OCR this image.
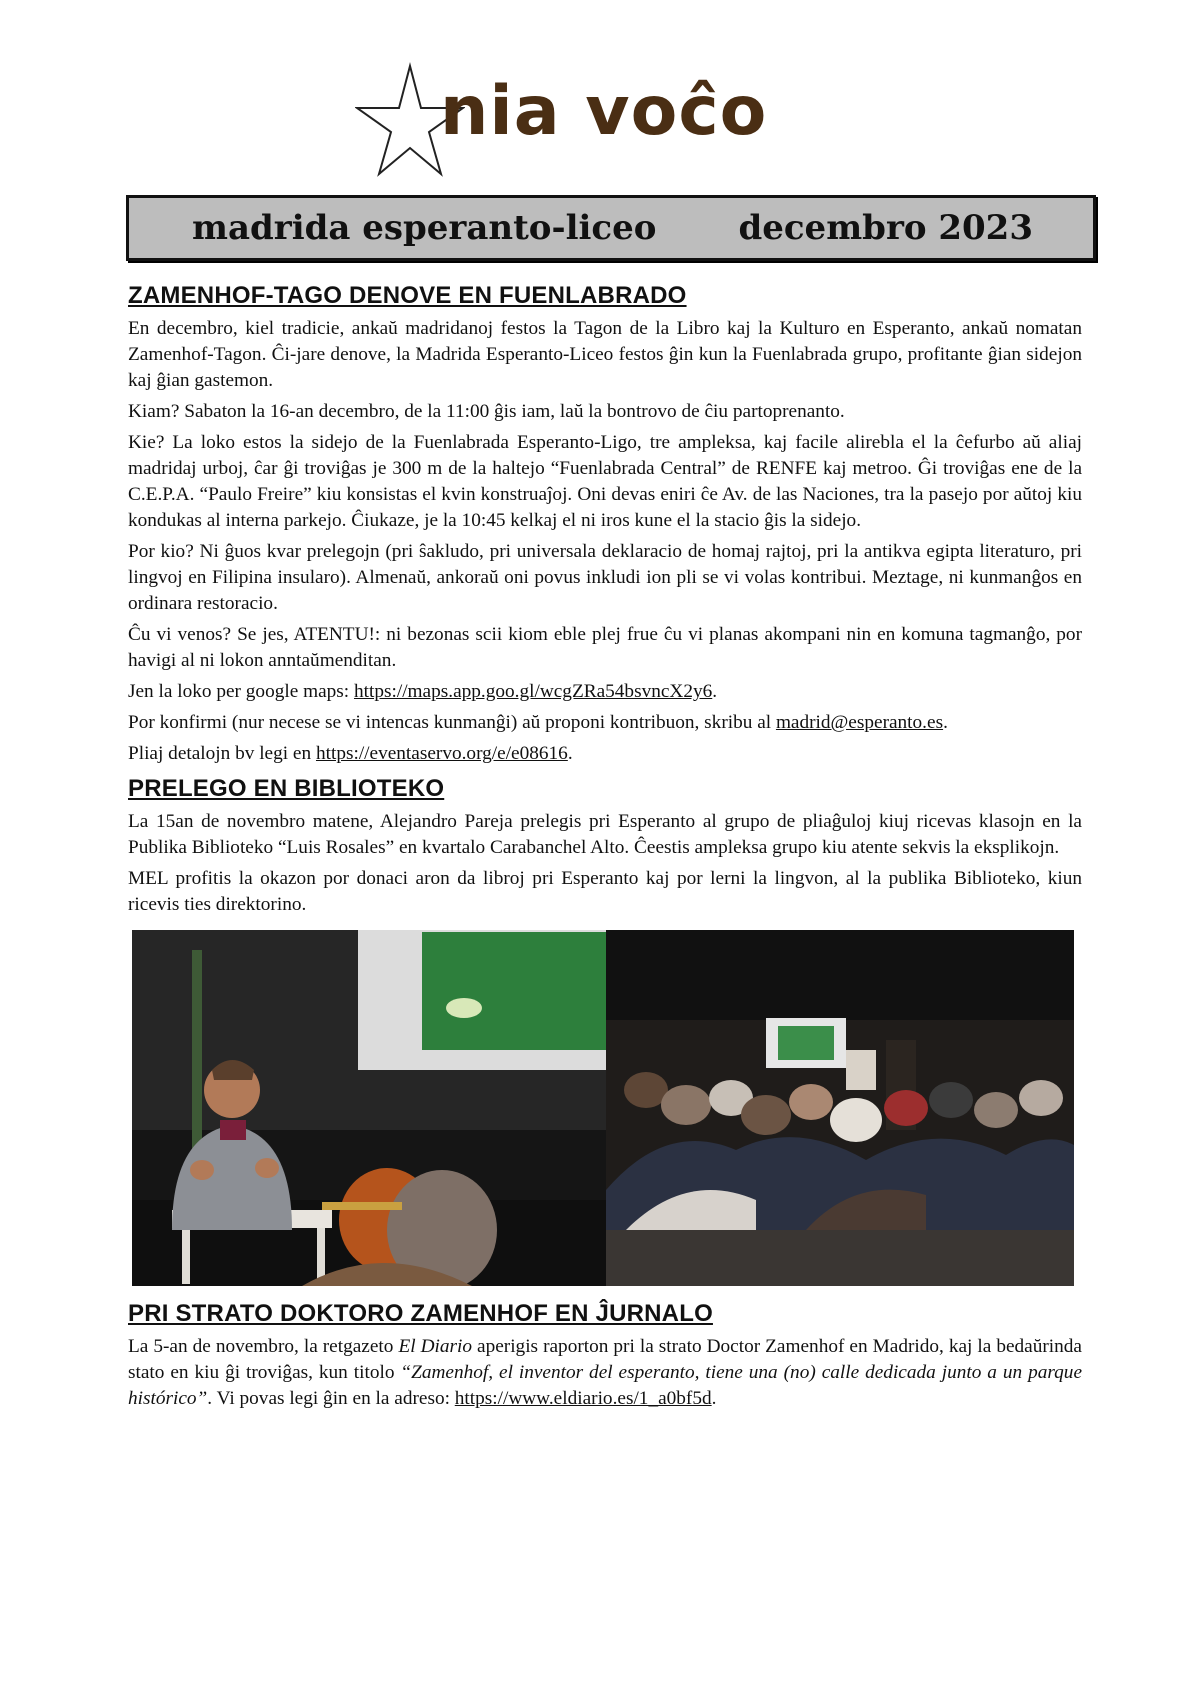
nia voĉo
madrida esperanto-liceo decembro 2023
ZAMENHOF-TAGO DENOVE EN FUENLABRADO

En decembro, kiel tradicie, ankaŭ madridanoj festos la Tagon de la Libro kaj la Kulturo en Esperanto, ankaŭ nomatan Zamenhof-Tagon. Ĉi-jare denove, la Madrida Esperanto-Liceo festos ĝin kun la Fuenlabrada grupo, profitante ĝian sidejon kaj ĝian gastemon.

Kiam? Sabaton la 16-an decembro, de la 11:00 ĝis iam, laŭ la bontrovo de ĉiu partoprenanto.

Kie? La loko estos la sidejo de la Fuenlabrada Esperanto-Ligo, tre ampleksa, kaj facile alirebla el la ĉefurbo aŭ aliaj madridaj urboj, ĉar ĝi troviĝas je 300 m de la haltejo “Fuenlabrada Central” de RENFE kaj metroo. Ĝi troviĝas ene de la C.E.P.A. “Paulo Freire” kiu konsistas el kvin konstruaĵoj. Oni devas eniri ĉe Av. de las Naciones, tra la pasejo por aŭtoj kiu kondukas al interna parkejo. Ĉiukaze, je la 10:45 kelkaj el ni iros kune el la stacio ĝis la sidejo.

Por kio? Ni ĝuos kvar prelegojn (pri ŝakludo, pri universala deklaracio de homaj rajtoj, pri la antikva egipta literaturo, pri lingvoj en Filipina insularo). Almenaŭ, ankoraŭ oni povus inkludi ion pli se vi volas kontribui. Meztage, ni kunmanĝos en ordinara restoracio.

Ĉu vi venos? Se jes, ATENTU!: ni bezonas scii kiom eble plej frue ĉu vi planas akompani nin en komuna tagmanĝo, por havigi al ni lokon anntaŭmenditan.

Jen la loko per google maps: https://maps.app.goo.gl/wcgZRa54bsvncX2y6.

Por konfirmi (nur necese se vi intencas kunmanĝi) aŭ proponi kontribuon, skribu al madrid@esperanto.es.

Pliaj detalojn bv legi en https://eventaservo.org/e/e08616.

PRELEGO EN BIBLIOTEKO

La 15an de novembro matene, Alejandro Pareja prelegis pri Esperanto al grupo de pliaĝuloj kiuj ricevas klasojn en la Publika Biblioteko “Luis Rosales” en kvartalo Carabanchel Alto. Ĉeestis ampleksa grupo kiu atente sekvis la eksplikojn.

MEL profitis la okazon por donaci aron da libroj pri Esperanto kaj por lerni la lingvon, al la publika Biblioteko, kiun ricevis ties direktorino.

PRI STRATO DOKTORO ZAMENHOF EN ĴURNALO

La 5-an de novembro, la retgazeto El Diario aperigis raporton pri la strato Doctor Zamenhof en Madrido, kaj la bedaŭrinda stato en kiu ĝi troviĝas, kun titolo “Zamenhof, el inventor del esperanto, tiene una (no) calle dedicada junto a un parque histórico”. Vi povas legi ĝin en la adreso: https://www.eldiario.es/1_a0bf5d.
